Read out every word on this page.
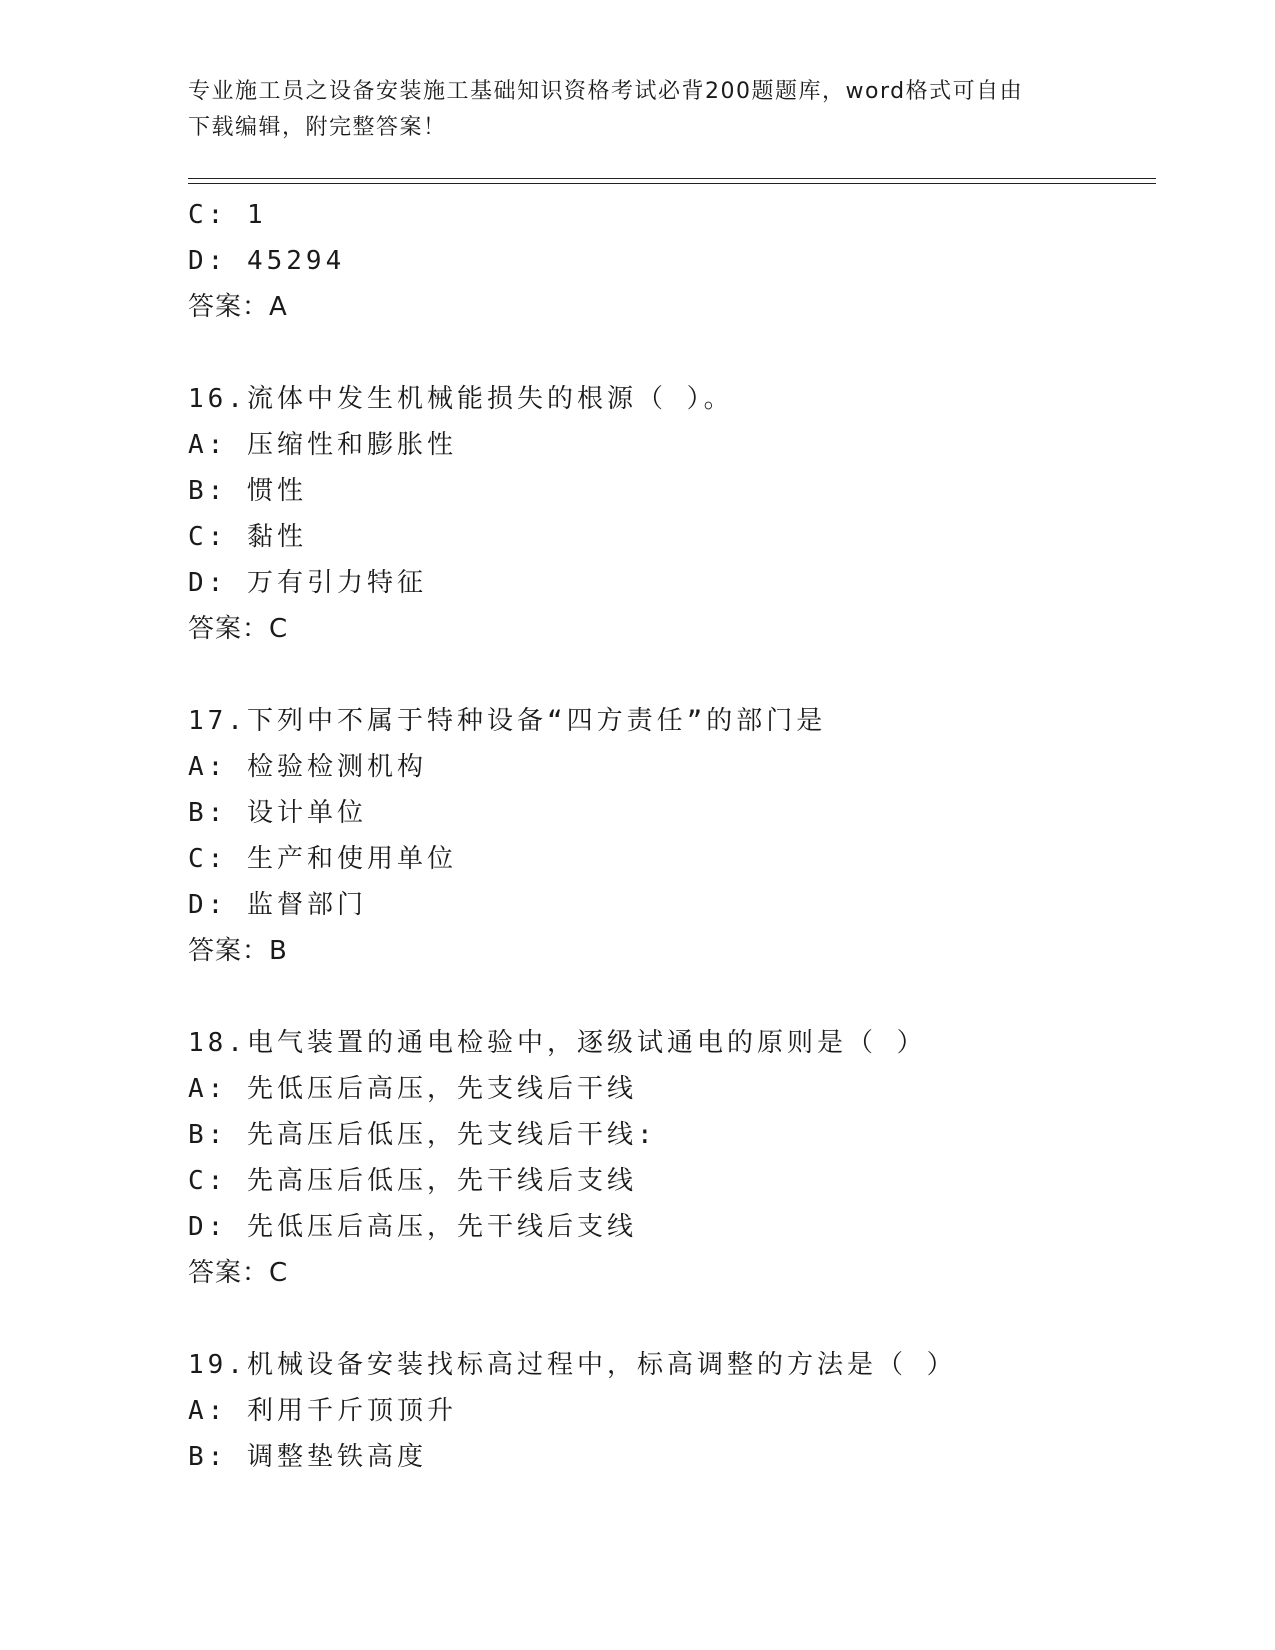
专业施工员之设备安装施工基础知识资格考试必背200题题库，word格式可自由
下载编辑，附完整答案！
C: 1
D: 45294
答案：A
16.流体中发生机械能损失的根源（ ）。
A: 压缩性和膨胀性
B: 惯性
C: 黏性
D: 万有引力特征
答案：C
17.下列中不属于特种设备“四方责任”的部门是
A: 检验检测机构
B: 设计单位
C: 生产和使用单位
D: 监督部门
答案：B
18.电气装置的通电检验中，逐级试通电的原则是（ ）
A: 先低压后高压，先支线后干线
B: 先高压后低压，先支线后干线:
C: 先高压后低压，先干线后支线
D: 先低压后高压，先干线后支线
答案：C
19.机械设备安装找标高过程中，标高调整的方法是（ ）
A: 利用千斤顶顶升
B: 调整垫铁高度
